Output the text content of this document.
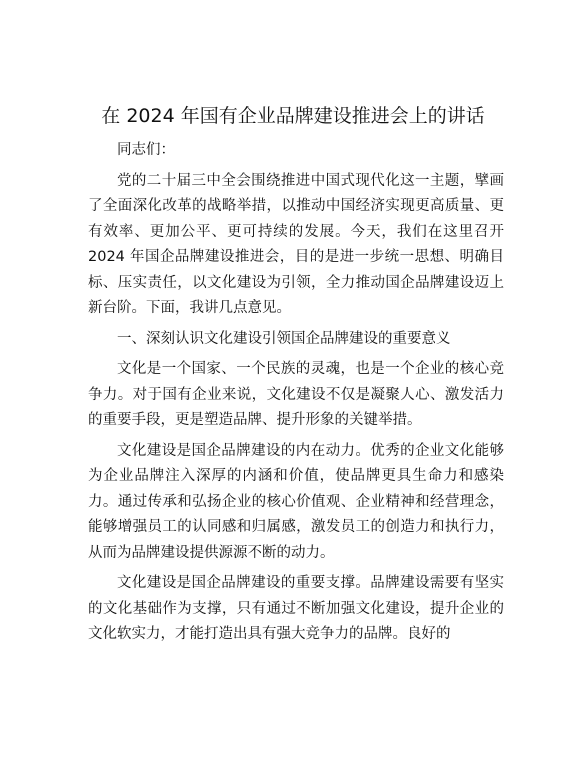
在 2024 年国有企业品牌建设推进会上的讲话

同志们：

党的二十届三中全会围绕推进中国式现代化这一主题，擘画了全面深化改革的战略举措，以推动中国经济实现更高质量、更有效率、更加公平、更可持续的发展。今天，我们在这里召开 2024 年国企品牌建设推进会，目的是进一步统一思想、明确目标、压实责任，以文化建设为引领，全力推动国企品牌建设迈上新台阶。下面，我讲几点意见。

一、深刻认识文化建设引领国企品牌建设的重要意义

文化是一个国家、一个民族的灵魂，也是一个企业的核心竞争力。对于国有企业来说，文化建设不仅是凝聚人心、激发活力的重要手段，更是塑造品牌、提升形象的关键举措。

文化建设是国企品牌建设的内在动力。优秀的企业文化能够为企业品牌注入深厚的内涵和价值，使品牌更具生命力和感染力。通过传承和弘扬企业的核心价值观、企业精神和经营理念，能够增强员工的认同感和归属感，激发员工的创造力和执行力，从而为品牌建设提供源源不断的动力。

文化建设是国企品牌建设的重要支撑。品牌建设需要有坚实的文化基础作为支撑，只有通过不断加强文化建设，提升企业的文化软实力，才能打造出具有强大竞争力的品牌。良好的
